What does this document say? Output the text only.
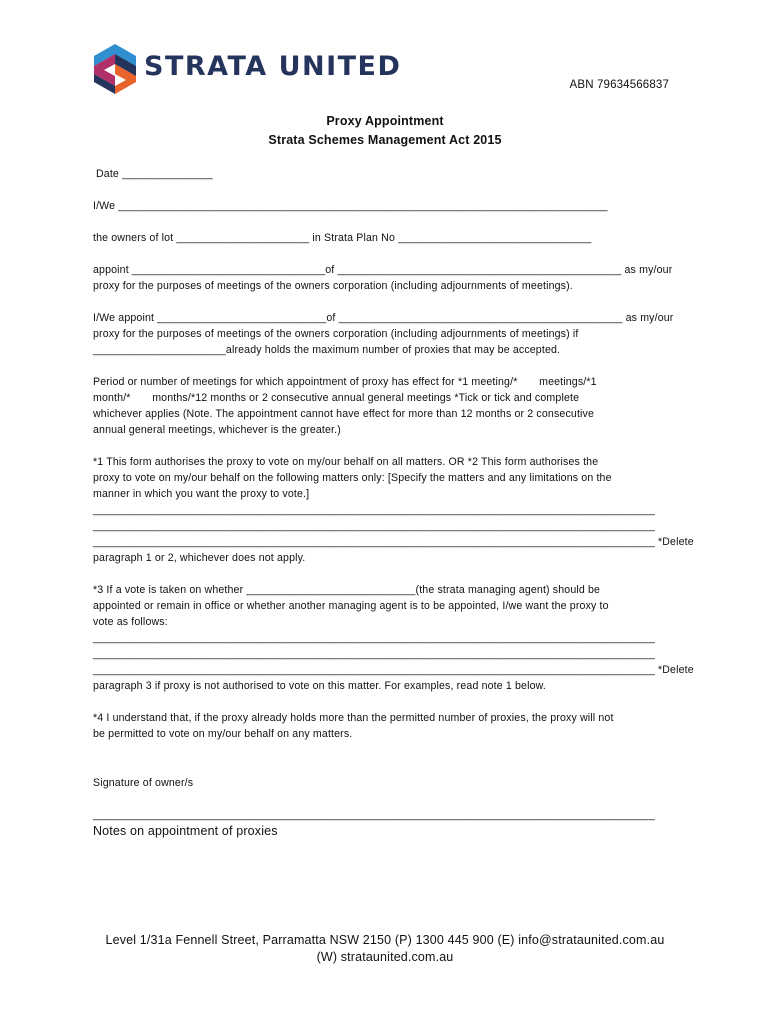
STRATA UNITED
ABN 79634566837
Proxy Appointment
Strata Schemes Management Act 2015
Date _______________
I/We _________________________________________________________________________________
the owners of lot ______________________ in Strata Plan No ________________________________
appoint ________________________________of _______________________________________________ as my/our
proxy for the purposes of meetings of the owners corporation (including adjournments of meetings).
I/We appoint ____________________________of _______________________________________________ as my/our
proxy for the purposes of meetings of the owners corporation (including adjournments of meetings) if
______________________already holds the maximum number of proxies that may be accepted.
Period or number of meetings for which appointment of proxy has effect for *1 meeting/*       meetings/*1
month/*       months/*12 months or 2 consecutive annual general meetings *Tick or tick and complete
whichever applies (Note. The appointment cannot have effect for more than 12 months or 2 consecutive
annual general meetings, whichever is the greater.)
*1 This form authorises the proxy to vote on my/our behalf on all matters. OR *2 This form authorises the
proxy to vote on my/our behalf on the following matters only: [Specify the matters and any limitations on the
manner in which you want the proxy to vote.]
_____________________________________________________________________________________________
_____________________________________________________________________________________________
_____________________________________________________________________________________________ *Delete
paragraph 1 or 2, whichever does not apply.
*3 If a vote is taken on whether ____________________________(the strata managing agent) should be
appointed or remain in office or whether another managing agent is to be appointed, I/we want the proxy to
vote as follows:
_____________________________________________________________________________________________
_____________________________________________________________________________________________
_____________________________________________________________________________________________ *Delete
paragraph 3 if proxy is not authorised to vote on this matter. For examples, read note 1 below.
*4 I understand that, if the proxy already holds more than the permitted number of proxies, the proxy will not
be permitted to vote on my/our behalf on any matters.
Signature of owner/s
_____________________________________________________________________________________________
Notes on appointment of proxies
Level 1/31a Fennell Street, Parramatta NSW 2150 (P) 1300 445 900 (E) info@strataunited.com.au
(W) strataunited.com.au
